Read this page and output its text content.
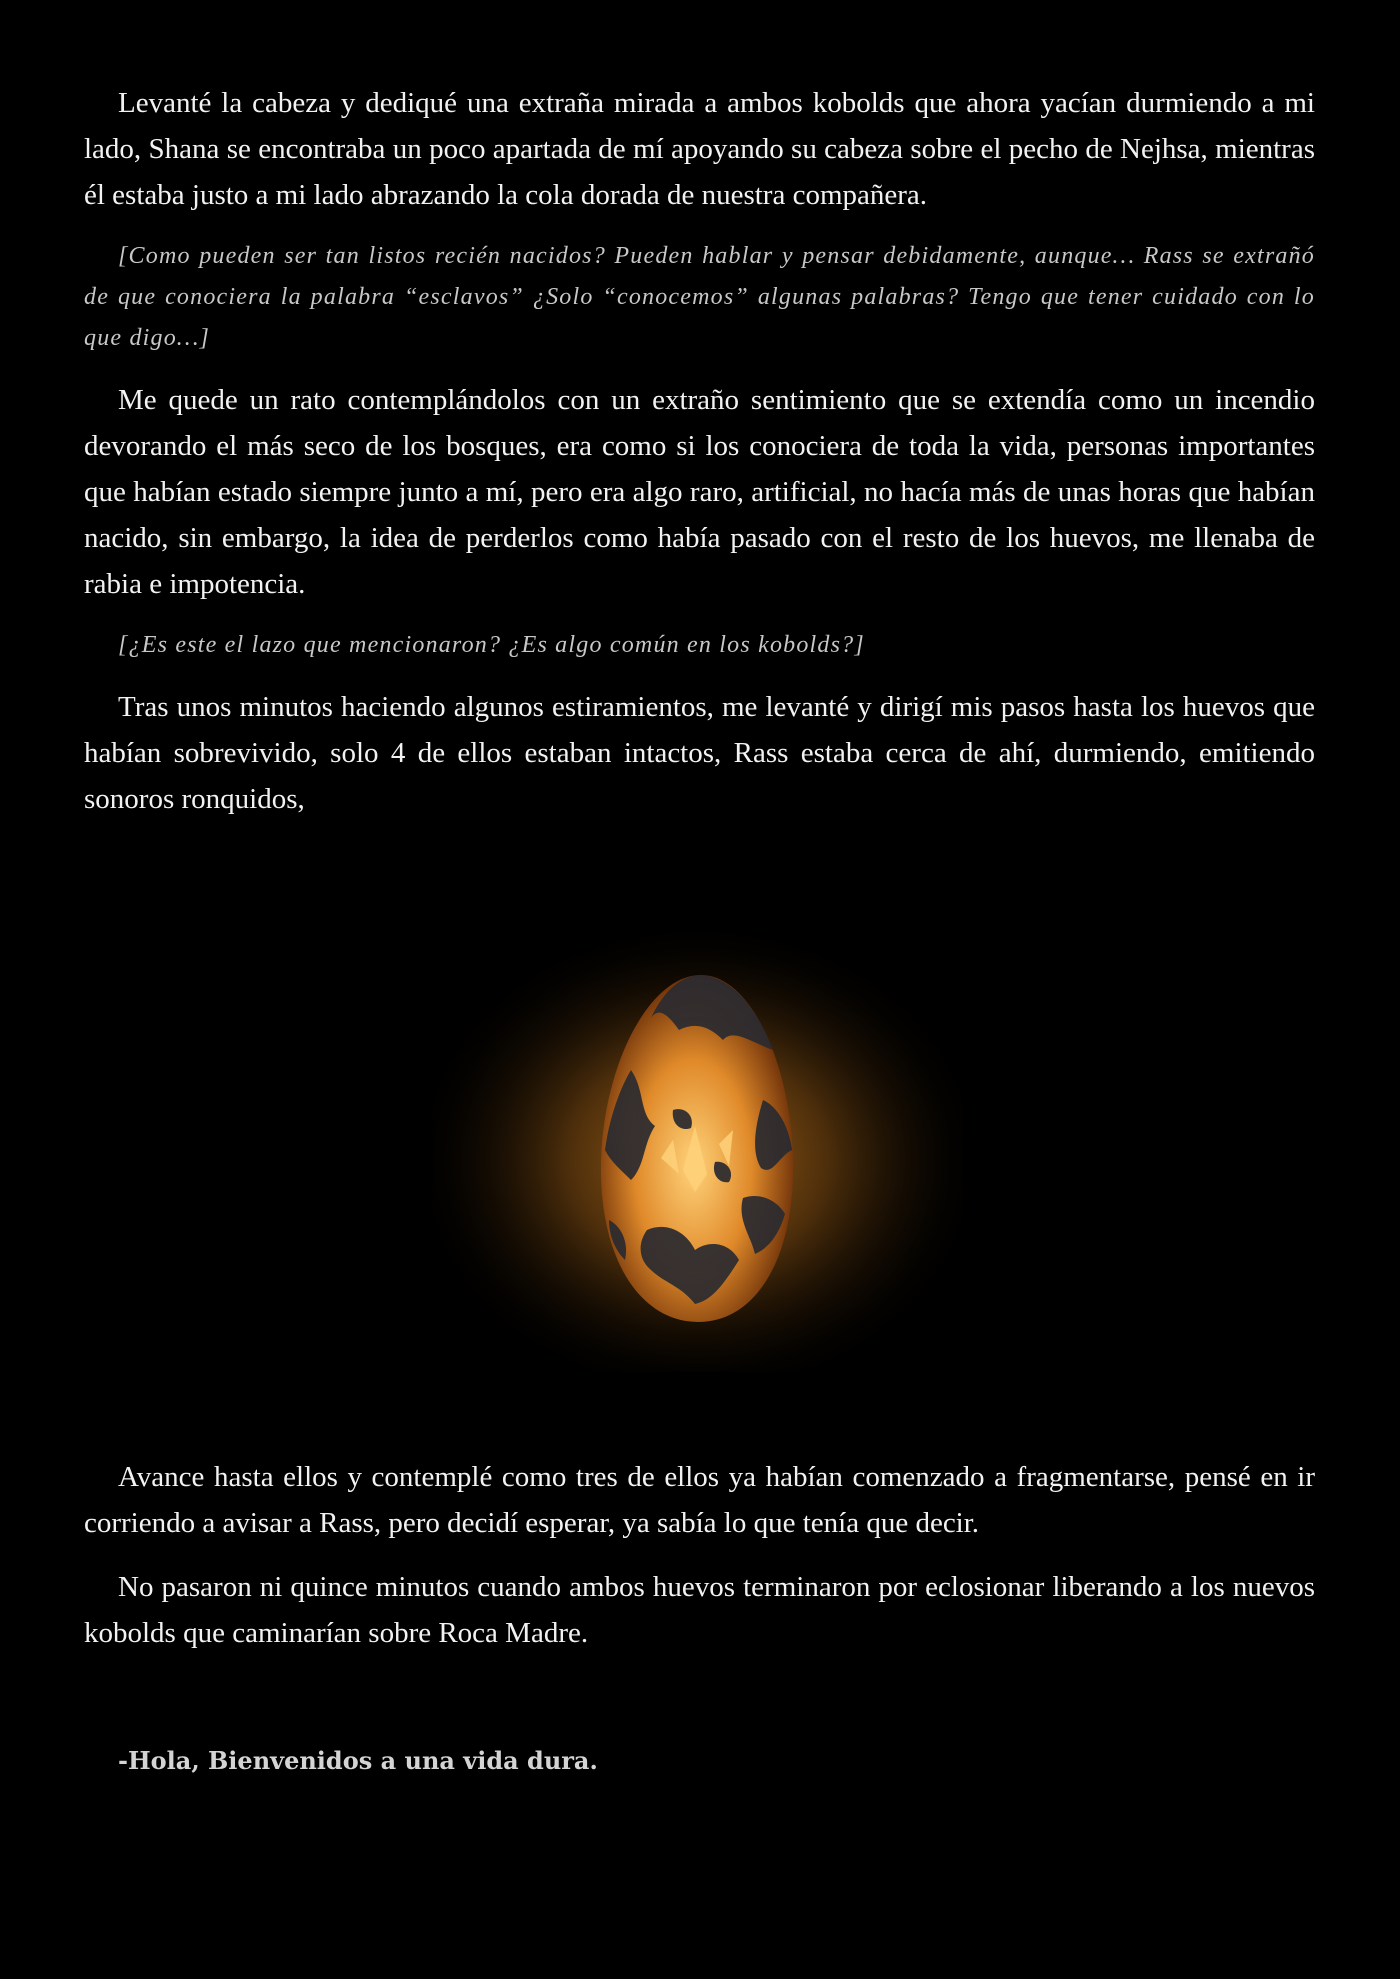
Levanté la cabeza y dediqué una extraña mirada a ambos kobolds que ahora yacían durmiendo a mi lado, Shana se encontraba un poco apartada de mí apoyando su cabeza sobre el pecho de Nejhsa, mientras él estaba justo a mi lado abrazando la cola dorada de nuestra compañera.

[Como pueden ser tan listos recién nacidos? Pueden hablar y pensar debidamente, aunque… Rass se extrañó de que conociera la palabra “esclavos” ¿Solo “conocemos” algunas palabras? Tengo que tener cuidado con lo que digo…]

Me quede un rato contemplándolos con un extraño sentimiento que se extendía como un incendio devorando el más seco de los bosques, era como si los conociera de toda la vida, personas importantes que habían estado siempre junto a mí, pero era algo raro, artificial, no hacía más de unas horas que habían nacido, sin embargo, la idea de perderlos como había pasado con el resto de los huevos, me llenaba de rabia e impotencia.

[¿Es este el lazo que mencionaron? ¿Es algo común en los kobolds?]

Tras unos minutos haciendo algunos estiramientos, me levanté y dirigí mis pasos hasta los huevos que habían sobrevivido, solo 4 de ellos estaban intactos, Rass estaba cerca de ahí, durmiendo, emitiendo sonoros ronquidos,

Avance hasta ellos y contemplé como tres de ellos ya habían comenzado a fragmentarse, pensé en ir corriendo a avisar a Rass, pero decidí esperar, ya sabía lo que tenía que decir.

No pasaron ni quince minutos cuando ambos huevos terminaron por eclosionar liberando a los nuevos kobolds que caminarían sobre Roca Madre.

-Hola, Bienvenidos a una vida dura.
